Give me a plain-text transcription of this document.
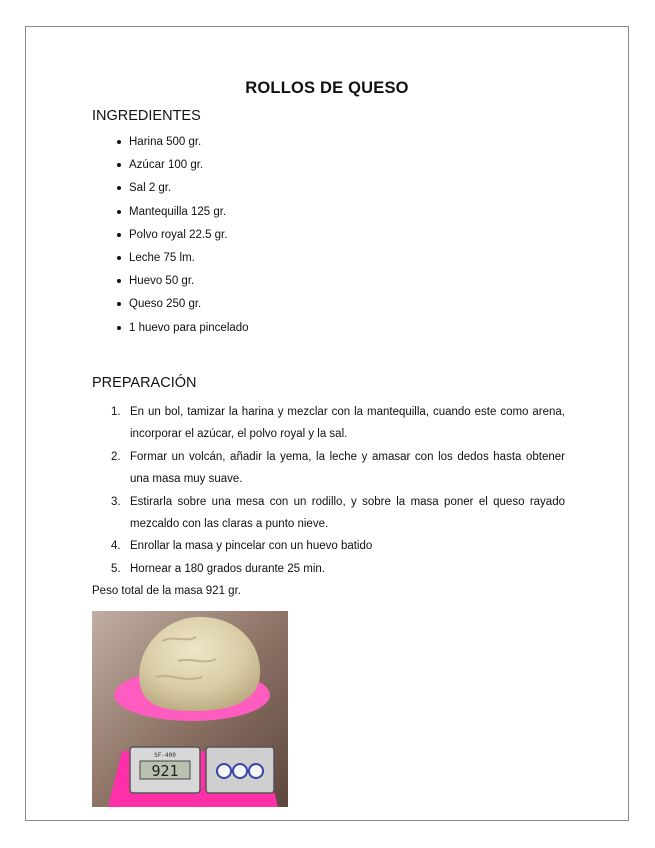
ROLLOS DE QUESO
INGREDIENTES
Harina 500 gr.
Azúcar 100 gr.
Sal 2 gr.
Mantequilla 125 gr.
Polvo royal 22.5 gr.
Leche 75 lm.
Huevo 50 gr.
Queso 250 gr.
1 huevo para pincelado
PREPARACIÓN
1. En un bol, tamizar la harina y mezclar con la mantequilla, cuando este como arena, incorporar el azúcar, el polvo royal y la sal.
2. Formar un volcán, añadir la yema, la leche y amasar con los dedos hasta obtener una masa muy suave.
3. Estirarla sobre una mesa con un rodillo, y sobre la masa poner el queso rayado mezcaldo con las claras a punto nieve.
4. Enrollar la masa y pincelar con un huevo batido
5. Hornear a 180 grados durante 25 min.
Peso total de la masa 921 gr.
SF-400
921
